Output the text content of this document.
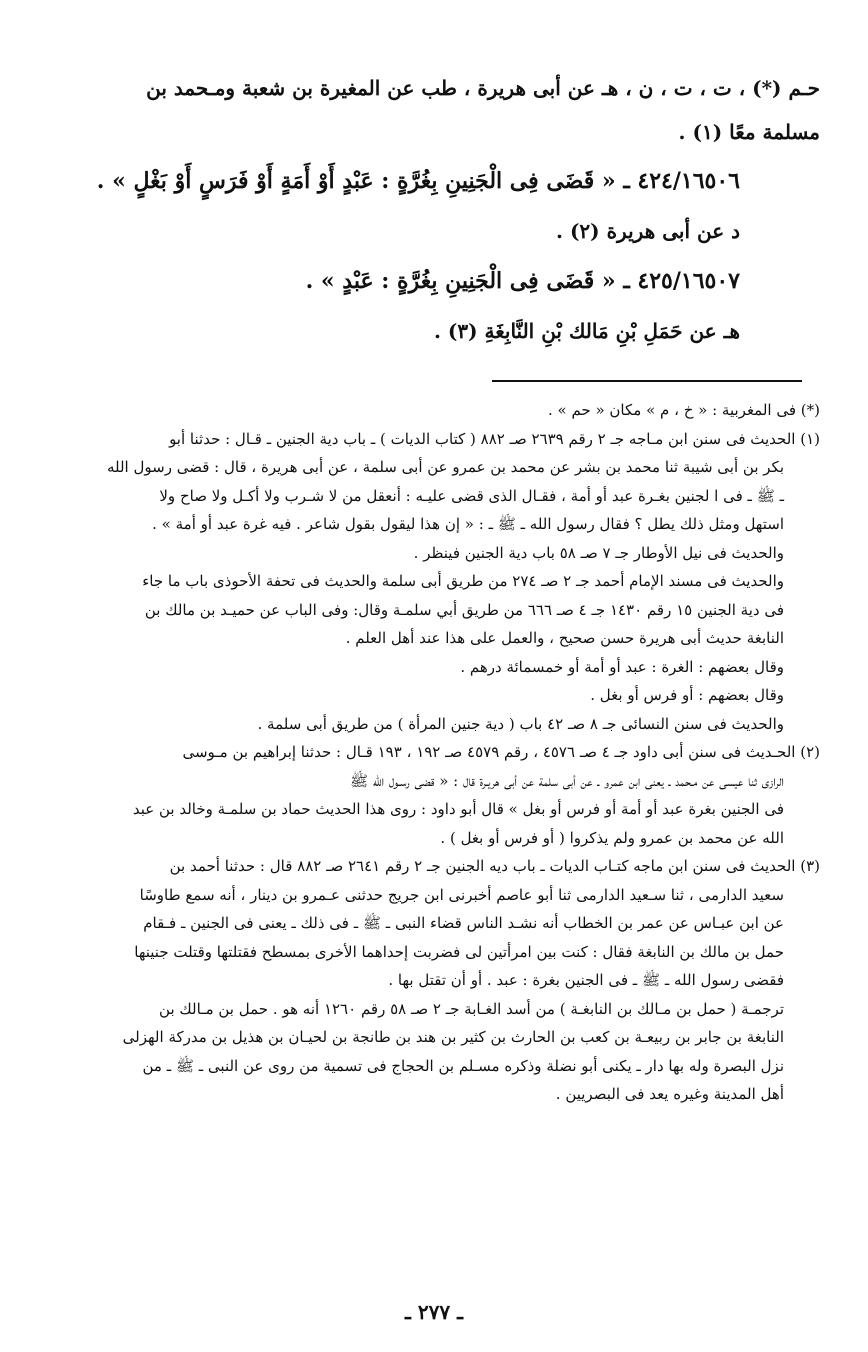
حـم (*) ، ت ، ت ، ن ، هـ عن أبى هريرة ، طب عن المغيرة بن شعبة ومـحمد بن
مسلمة معًا (١) .
٤٢٤/١٦٥٠٦ ـ « قَضَى فِى الْجَنِينِ بِغُرَّةٍ : عَبْدٍ أَوْ أَمَةٍ أَوْ فَرَسٍ أَوْ بَغْلٍ » .
د عن أبى هريرة (٢) .
٤٢٥/١٦٥٠٧ ـ « قَضَى فِى الْجَنِينِ بِغُرَّةٍ : عَبْدٍ » .
هـ عن حَمَلِ بْنِ مَالك بْنِ النَّابِغَةِ (٣) .
(*) فى المغربية : « خ ، م » مكان « حم » .
(١) الحديث فى سنن ابن مـاجه جـ ٢ رقم ٢٦٣٩ صـ ٨٨٢ ( كتاب الديات ) ـ باب دية الجنين ـ قـال : حدثنا أبو
بكر بن أبى شيبة ثنا محمد بن بشر عن محمد بن عمرو عن أبى سلمة ، عن أبى هريرة ، قال : قضى رسول الله
ـ ﷺ ـ فى ا لجنين بغـرة عبد أو أمة ، فقـال الذى قضى عليـه : أنعقل من لا شـرب ولا أكـل ولا صاح ولا
استهل ومثل ذلك يطل ؟ فقال رسول الله ـ ﷺ ـ : « إن هذا ليقول بقول شاعر . فيه غرة عبد أو أمة » .
والحديث فى نيل الأوطار جـ ٧ صـ ٥٨ باب دية الجنين فينظر .
والحديث فى مسند الإمام أحمد جـ ٢ صـ ٢٧٤ من طريق أبى سلمة والحديث فى تحفة الأحوذى باب ما جاء
فى دية الجنين ١٥ رقم ١٤٣٠ جـ ٤ صـ ٦٦٦ من طريق أبي سلمـة وقال: وفى الباب عن حميـد بن مالك بن
النابغة حديث أبى هريرة حسن صحيح ، والعمل على هذا عند أهل العلم .
وقال بعضهم : الغرة : عبد أو أمة أو خمسمائة درهم .
وقال بعضهم : أو فرس أو بغل .
والحديث فى سنن النسائى جـ ٨ صـ ٤٢ باب ( دية جنين المرأة ) من طريق أبى سلمة .
(٢) الحـديث فى سنن أبى داود جـ ٤ صـ ٤٥٧٦ ، رقم ٤٥٧٩ صـ ١٩٢ ، ١٩٣ قـال : حدثنا إبراهيم بن مـوسى
الرازى ثنا عيسى عن مـحمد ـ يعنى ابن عمرو ـ عن أبى سلمة عن أبى هريـرة قال : « قضى رسـول الله ﷺ
فى الجنين بغرة عبد أو أمة أو فرس أو بغل » قال أبو داود : روى هذا الحديث حماد بن سلمـة وخالد بن عبد
الله عن محمد بن عمرو ولم يذكروا ( أو فرس أو بغل ) .
(٣) الحديث فى سنن ابن ماجه كتـاب الديات ـ باب ديه الجنين جـ ٢ رقم ٢٦٤١ صـ ٨٨٢ قال : حدثنا أحمد بن
سعيد الدارمى ، ثنا سـعيد الدارمى ثنا أبو عاصم أخبرنى ابن جريج حدثنى عـمرو بن دينار ، أنه سمع طاوسًا
عن ابن عبـاس عن عمر بن الخطاب أنه نشـد الناس قضاء النبى ـ ﷺ ـ فى ذلك ـ يعنى فى الجنين ـ فـقام
حمل بن مالك بن النابغة فقال : كنت بين امرأتين لى فضربت إحداهما الأخرى بمسطح فقتلتها وقتلت جنينها
فقضى رسول الله ـ ﷺ ـ فى الجنين بغرة : عبد . أو أن تقتل بها .
ترجمـة ( حمل بن مـالك بن النابغـة ) من أسد الغـابة جـ ٢ صـ ٥٨ رقم ١٢٦٠ أنه هو . حمل بن مـالك بن
النابغة بن جابر بن ربيعـة بن كعب بن الحارث بن كثير بن هند بن طانجة بن لحيـان بن هذيل بن مدركة الهزلى
نزل البصرة وله بها دار ـ يكنى أبو نضلة وذكره مسـلم بن الحجاج فى تسمية من روى عن النبى ـ ﷺ ـ من
أهل المدينة وغيره يعد فى البصريين .
ـ ٢٧٧ ـ
